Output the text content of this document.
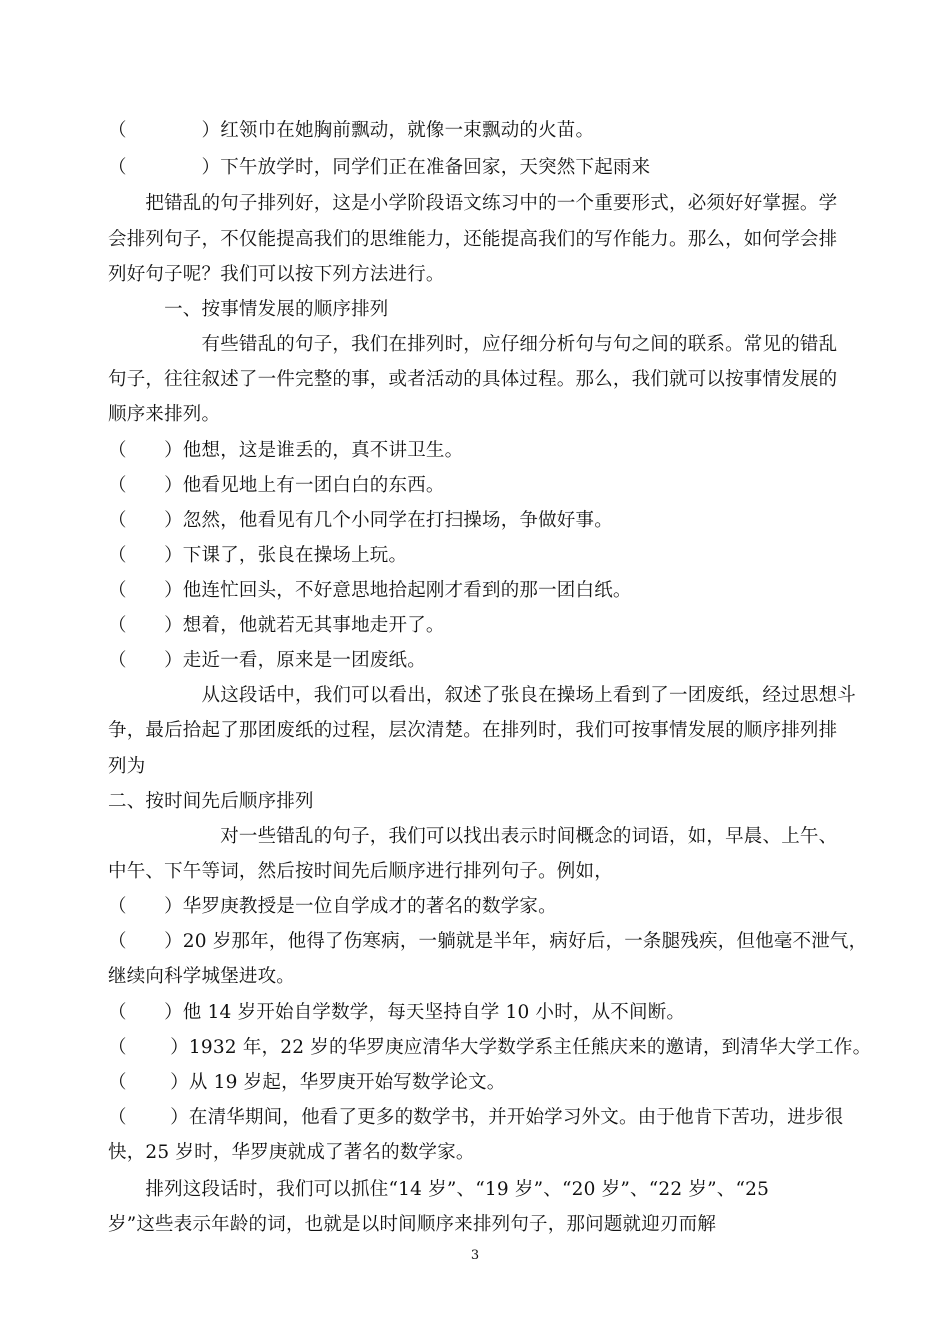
（　　　　）红领巾在她胸前飘动，就像一束飘动的火苗。
（　　　　）下午放学时，同学们正在准备回家，天突然下起雨来
　　把错乱的句子排列好，这是小学阶段语文练习中的一个重要形式，必须好好掌握。学
会排列句子，不仅能提高我们的思维能力，还能提高我们的写作能力。那么，如何学会排
列好句子呢？我们可以按下列方法进行。
　　　一、按事情发展的顺序排列
　　　　　有些错乱的句子，我们在排列时，应仔细分析句与句之间的联系。常见的错乱
句子，往往叙述了一件完整的事，或者活动的具体过程。那么，我们就可以按事情发展的
顺序来排列。
（　　）他想，这是谁丢的，真不讲卫生。
（　　）他看见地上有一团白白的东西。
（　　）忽然，他看见有几个小同学在打扫操场，争做好事。
（　　）下课了，张良在操场上玩。
（　　）他连忙回头，不好意思地拾起刚才看到的那一团白纸。
（　　）想着，他就若无其事地走开了。
（　　）走近一看，原来是一团废纸。
　　　　　从这段话中，我们可以看出，叙述了张良在操场上看到了一团废纸，经过思想斗
争，最后拾起了那团废纸的过程，层次清楚。在排列时，我们可按事情发展的顺序排列排
列为
二、按时间先后顺序排列
　　　　　　对一些错乱的句子，我们可以找出表示时间概念的词语，如，早晨、上午、
中午、下午等词，然后按时间先后顺序进行排列句子。例如，
（　　）华罗庚教授是一位自学成才的著名的数学家。
（　　）20 岁那年，他得了伤寒病，一躺就是半年，病好后，一条腿残疾，但他毫不泄气，
继续向科学城堡进攻。
（　　）他 14 岁开始自学数学，每天坚持自学 10 小时，从不间断。
（　　 ）1932 年，22 岁的华罗庚应清华大学数学系主任熊庆来的邀请，到清华大学工作。
（　　 ）从 19 岁起，华罗庚开始写数学论文。
（　　 ）在清华期间，他看了更多的数学书，并开始学习外文。由于他肯下苦功，进步很
快，25 岁时，华罗庚就成了著名的数学家。
　　排列这段话时，我们可以抓住“14 岁”、“19 岁”、“20 岁”、“22 岁”、“25
岁”这些表示年龄的词，也就是以时间顺序来排列句子，那问题就迎刃而解
3
